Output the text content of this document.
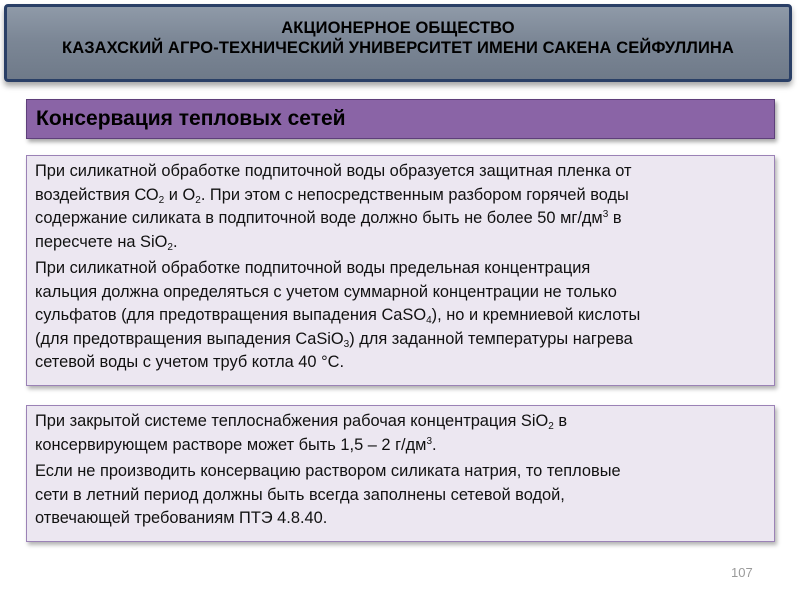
АКЦИОНЕРНОЕ ОБЩЕСТВО
КАЗАХСКИЙ АГРО-ТЕХНИЧЕСКИЙ УНИВЕРСИТЕТ ИМЕНИ САКЕНА СЕЙФУЛЛИНА
Консервация тепловых сетей
При силикатной обработке подпиточной воды образуется защитная пленка от
воздействия $СО_2$ и $О_2$. При этом с непосредственным разбором горячей воды
содержание силиката в подпиточной воде должно быть не более 50 $мг/дм^3$ в
пересчете на SiO$_2$.
При силикатной обработке подпиточной воды предельная концентрация
кальция должна определяться с учетом суммарной концентрации не только
сульфатов (для предотвращения выпадения CaSO$_4$), но и кремниевой кислоты
(для предотвращения выпадения CaSiO$_3$) для заданной температуры нагрева
сетевой воды с учетом труб котла 40 °С.
При закрытой системе теплоснабжения рабочая концентрация SiO$_2$ в
консервирующем растворе может быть 1,5 – 2 $г/дм^3$.
Если не производить консервацию раствором силиката натрия, то тепловые
сети в летний период должны быть всегда заполнены сетевой водой,
отвечающей требованиям ПТЭ 4.8.40.
107
